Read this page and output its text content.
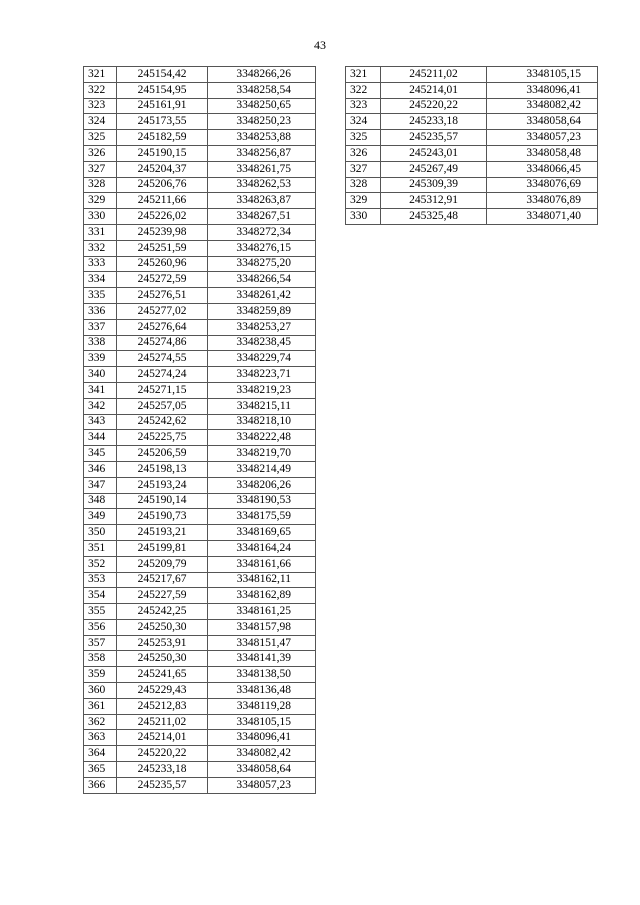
43
321	245154,42	3348266,26
322	245154,95	3348258,54
323	245161,91	3348250,65
324	245173,55	3348250,23
325	245182,59	3348253,88
326	245190,15	3348256,87
327	245204,37	3348261,75
328	245206,76	3348262,53
329	245211,66	3348263,87
330	245226,02	3348267,51
331	245239,98	3348272,34
332	245251,59	3348276,15
333	245260,96	3348275,20
334	245272,59	3348266,54
335	245276,51	3348261,42
336	245277,02	3348259,89
337	245276,64	3348253,27
338	245274,86	3348238,45
339	245274,55	3348229,74
340	245274,24	3348223,71
341	245271,15	3348219,23
342	245257,05	3348215,11
343	245242,62	3348218,10
344	245225,75	3348222,48
345	245206,59	3348219,70
346	245198,13	3348214,49
347	245193,24	3348206,26
348	245190,14	3348190,53
349	245190,73	3348175,59
350	245193,21	3348169,65
351	245199,81	3348164,24
352	245209,79	3348161,66
353	245217,67	3348162,11
354	245227,59	3348162,89
355	245242,25	3348161,25
356	245250,30	3348157,98
357	245253,91	3348151,47
358	245250,30	3348141,39
359	245241,65	3348138,50
360	245229,43	3348136,48
361	245212,83	3348119,28
362	245211,02	3348105,15
363	245214,01	3348096,41
364	245220,22	3348082,42
365	245233,18	3348058,64
366	245235,57	3348057,23
321	245211,02	3348105,15
322	245214,01	3348096,41
323	245220,22	3348082,42
324	245233,18	3348058,64
325	245235,57	3348057,23
326	245243,01	3348058,48
327	245267,49	3348066,45
328	245309,39	3348076,69
329	245312,91	3348076,89
330	245325,48	3348071,40
